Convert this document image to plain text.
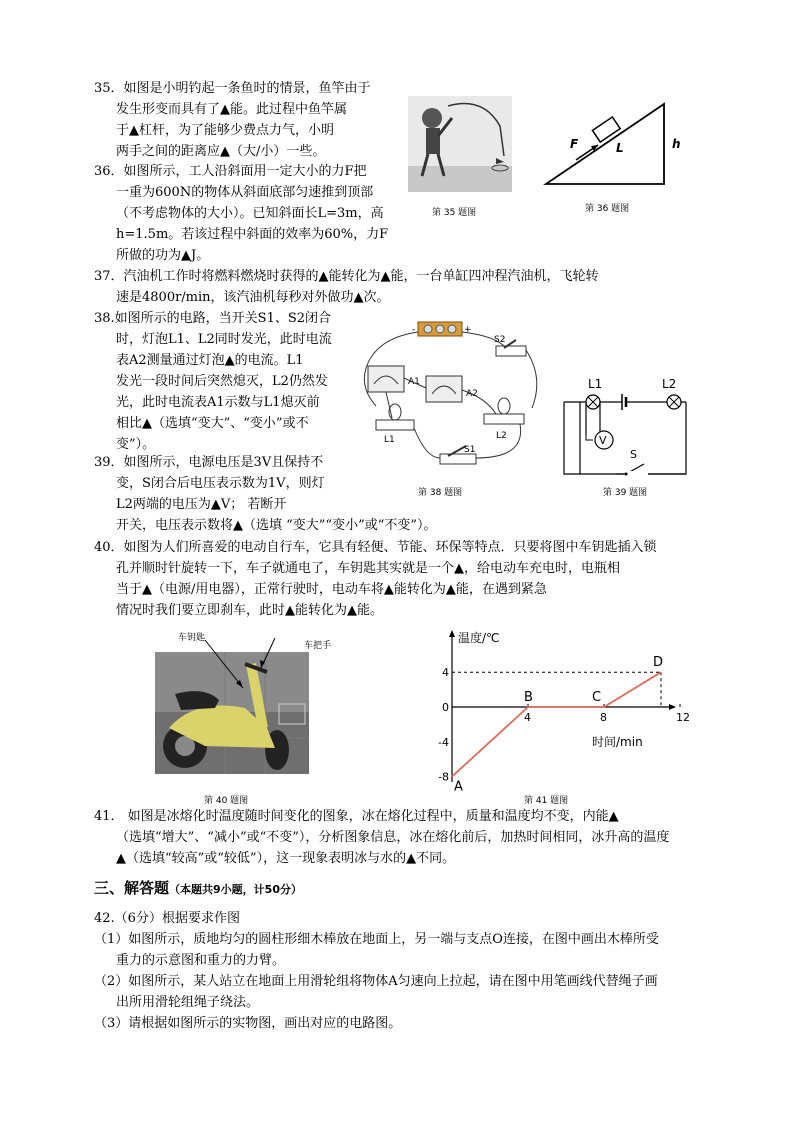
35．如图是小明钓起一条鱼时的情景，鱼竿由于
发生形变而具有了▲能。此过程中鱼竿属
于▲杠杆，为了能够少费点力气，小明
两手之间的距离应▲（大/小）一些。
36．如图所示，工人沿斜面用一定大小的力F把
一重为600N的物体从斜面底部匀速推到顶部
（不考虑物体的大小）。已知斜面长L=3m，高
h=1.5m。若该过程中斜面的效率为60%，力F
所做的功为▲J。
F	L	h
第 35 题图	第 36 题图
37．汽油机工作时将燃料燃烧时获得的▲能转化为▲能，一台单缸四冲程汽油机，飞轮转
速是4800r/min，该汽油机每秒对外做功▲次。
38.如图所示的电路，当开关S1、S2闭合
时，灯泡L1、L2同时发光，此时电流
表A2测量通过灯泡▲的电流。L1
发光一段时间后突然熄灭，L2仍然发
光，此时电流表A1示数与L1熄灭前
相比▲（选填“变大”、“变小”或不
变”）。
-	+
S2
A1
A2
L1	L2
S1
L1	L2
V
S
第 38 题图	第 39 题图
39．如图所示，电源电压是3V且保持不
变，S闭合后电压表示数为1V，则灯
L2两端的电压为▲V； 若断开
开关，电压表示数将▲（选填 “变大”“变小”或“不变”）。
40．如图为人们所喜爱的电动自行车，它具有轻便、节能、环保等特点．只要将图中车钥匙插入锁
孔并顺时针旋转一下，车子就通电了，车钥匙其实就是一个▲，给电动车充电时，电瓶相
当于▲（电源/用电器），正常行驶时，电动车将▲能转化为▲能，在遇到紧急
情况时我们要立即刹车，此时▲能转化为▲能。
车钥匙
车把手
温度/℃
时间/min
4	8	12
4
0
-4
-8
A
B	C
D
第 40 题图	第 41 题图
41． 如图是冰熔化时温度随时间变化的图象，冰在熔化过程中，质量和温度均不变，内能▲
（选填“增大”、“减小”或“不变”），分析图象信息，冰在熔化前后，加热时间相同，冰升高的温度
▲（选填“较高”或“较低”），这一现象表明冰与水的▲不同。
三、解答题（本题共9小题，计50分）
42.（6分）根据要求作图
（1）如图所示，质地均匀的圆柱形细木棒放在地面上，另一端与支点O连接，在图中画出木棒所受
重力的示意图和重力的力臂。
（2）如图所示，某人站立在地面上用滑轮组将物体A匀速向上拉起，请在图中用笔画线代替绳子画
出所用滑轮组绳子绕法。
（3）请根据如图所示的实物图，画出对应的电路图。
